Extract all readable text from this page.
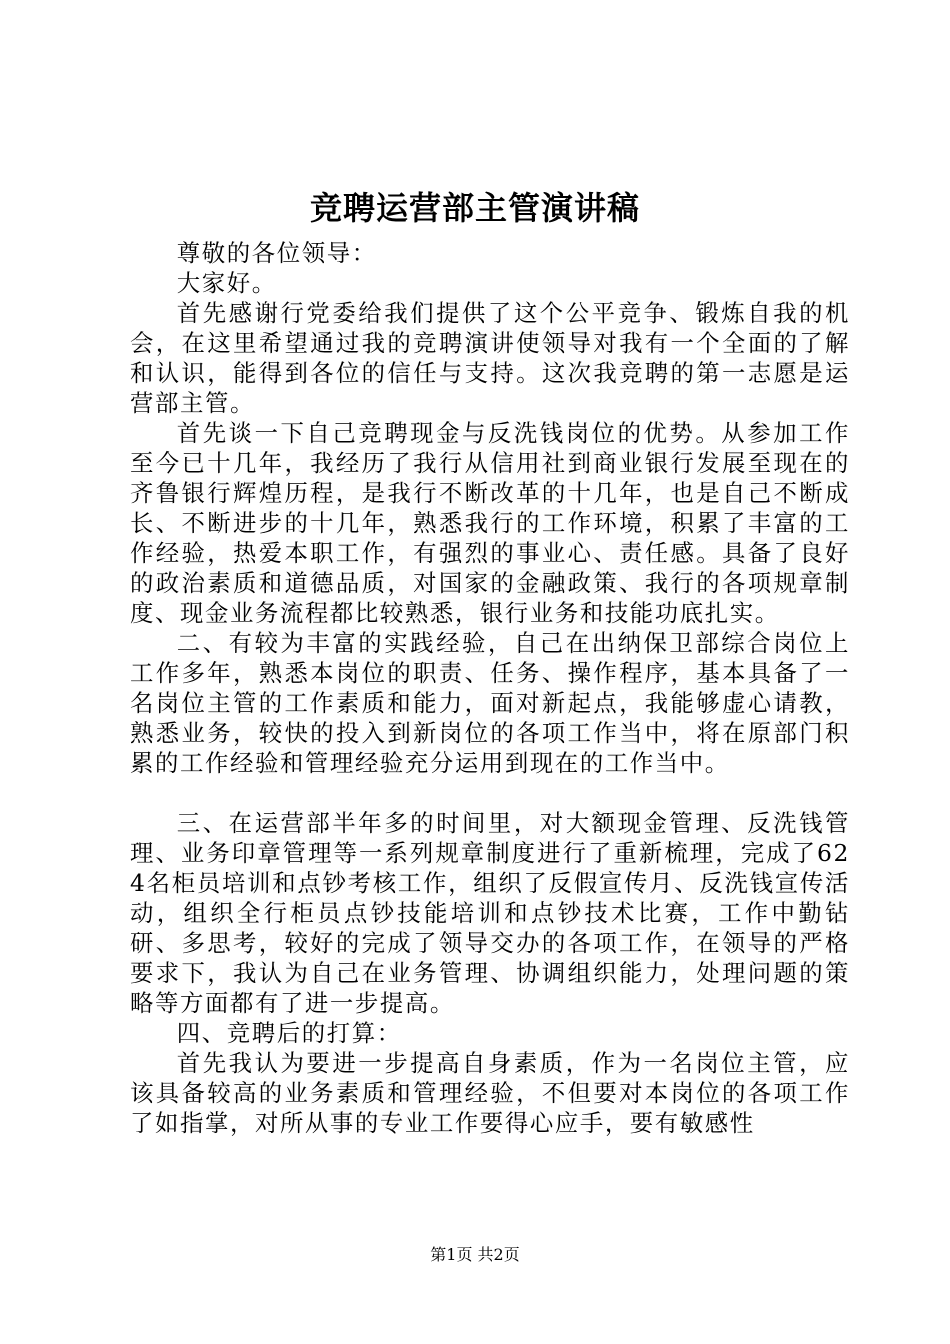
竞聘运营部主管演讲稿

尊敬的各位领导：

大家好。

首先感谢行党委给我们提供了这个公平竞争、锻炼自我的机会，在这里希望通过我的竞聘演讲使领导对我有一个全面的了解和认识，能得到各位的信任与支持。这次我竞聘的第一志愿是运营部主管。

首先谈一下自己竞聘现金与反洗钱岗位的优势。从参加工作至今已十几年，我经历了我行从信用社到商业银行发展至现在的齐鲁银行辉煌历程，是我行不断改革的十几年，也是自己不断成长、不断进步的十几年，熟悉我行的工作环境，积累了丰富的工作经验，热爱本职工作，有强烈的事业心、责任感。具备了良好的政治素质和道德品质，对国家的金融政策、我行的各项规章制度、现金业务流程都比较熟悉，银行业务和技能功底扎实。

二、有较为丰富的实践经验，自己在出纳保卫部综合岗位上工作多年，熟悉本岗位的职责、任务、操作程序，基本具备了一名岗位主管的工作素质和能力，面对新起点，我能够虚心请教，熟悉业务，较快的投入到新岗位的各项工作当中，将在原部门积累的工作经验和管理经验充分运用到现在的工作当中。

三、在运营部半年多的时间里，对大额现金管理、反洗钱管理、业务印章管理等一系列规章制度进行了重新梳理，完成了624名柜员培训和点钞考核工作，组织了反假宣传月、反洗钱宣传活动，组织全行柜员点钞技能培训和点钞技术比赛，工作中勤钻研、多思考，较好的完成了领导交办的各项工作，在领导的严格要求下，我认为自己在业务管理、协调组织能力，处理问题的策略等方面都有了进一步提高。

四、竞聘后的打算：

首先我认为要进一步提高自身素质，作为一名岗位主管，应该具备较高的业务素质和管理经验，不但要对本岗位的各项工作了如指掌，对所从事的专业工作要得心应手，要有敏感性

第1页 共2页
